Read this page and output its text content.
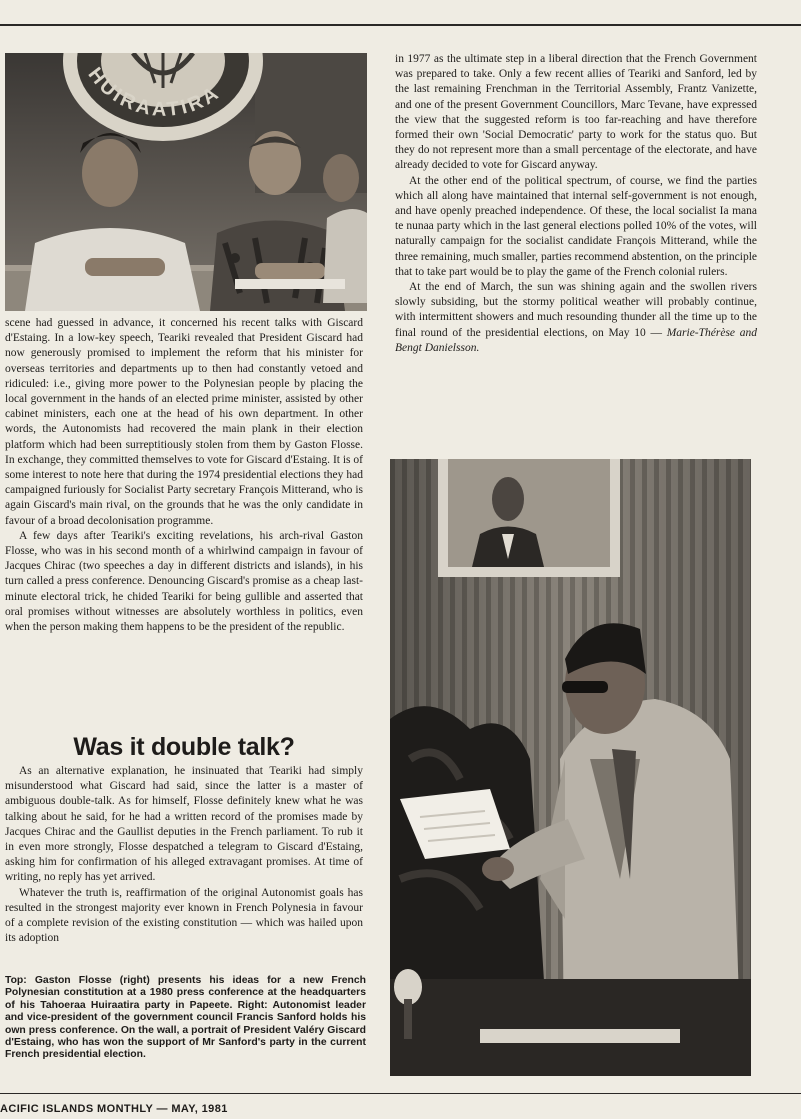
HUIRAATIRA

in 1977 as the ultimate step in a liberal direction that the French Government was prepared to take. Only a few recent allies of Teariki and Sanford, led by the last remaining Frenchman in the Territorial Assembly, Frantz Vanizette, and one of the present Government Councillors, Marc Tevane, have expressed the view that the suggested reform is too far-reaching and have therefore formed their own 'Social Democratic' party to work for the status quo. But they do not represent more than a small percentage of the electorate, and have already decided to vote for Giscard anyway.

At the other end of the political spectrum, of course, we find the parties which all along have maintained that internal self-government is not enough, and have openly preached independence. Of these, the local socialist Ia mana te nunaa party which in the last general elections polled 10% of the votes, will naturally campaign for the socialist candidate François Mitterand, while the three remaining, much smaller, parties recommend abstention, on the principle that to take part would be to play the game of the French colonial rulers.

At the end of March, the sun was shining again and the swollen rivers slowly subsiding, but the stormy political weather will probably continue, with intermittent showers and much resounding thunder all the time up to the final round of the presidential elections, on May 10 — Marie-Thérèse and Bengt Danielsson.

scene had guessed in advance, it concerned his recent talks with Giscard d'Estaing. In a low-key speech, Teariki revealed that President Giscard had now generously promised to implement the reform that his minister for overseas territories and departments up to then had constantly vetoed and ridiculed: i.e., giving more power to the Polynesian people by placing the local government in the hands of an elected prime minister, assisted by other cabinet ministers, each one at the head of his own department. In other words, the Autonomists had recovered the main plank in their election platform which had been surreptitiously stolen from them by Gaston Flosse. In exchange, they committed themselves to vote for Giscard d'Estaing. It is of some interest to note here that during the 1974 presidential elections they had campaigned furiously for Socialist Party secretary François Mitterand, who is again Giscard's main rival, on the grounds that he was the only candidate in favour of a broad decolonisation programme.

A few days after Teariki's exciting revelations, his arch-rival Gaston Flosse, who was in his second month of a whirlwind campaign in favour of Jacques Chirac (two speeches a day in different districts and islands), in his turn called a press conference. Denouncing Giscard's promise as a cheap last-minute electoral trick, he chided Teariki for being gullible and asserted that oral promises without witnesses are absolutely worthless in politics, even when the person making them happens to be the president of the republic.

Was it double talk?

As an alternative explanation, he insinuated that Teariki had simply misunderstood what Giscard had said, since the latter is a master of ambiguous double-talk. As for himself, Flosse definitely knew what he was talking about he said, for he had a written record of the promises made by Jacques Chirac and the Gaullist deputies in the French parliament. To rub it in even more strongly, Flosse despatched a telegram to Giscard d'Estaing, asking him for confirmation of his alleged extravagant promises. At time of writing, no reply has yet arrived.

Whatever the truth is, reaffirmation of the original Autonomist goals has resulted in the strongest majority ever known in French Polynesia in favour of a complete revision of the existing constitution — which was hailed upon its adoption

Top: Gaston Flosse (right) presents his ideas for a new French Polynesian constitution at a 1980 press conference at the headquarters of his Tahoeraa Huiraatira party in Papeete. Right: Autonomist leader and vice-president of the government council Francis Sanford holds his own press conference. On the wall, a portrait of President Valéry Giscard d'Estaing, who has won the support of Mr Sanford's party in the current French presidential election.

ACIFIC ISLANDS MONTHLY — MAY, 1981
